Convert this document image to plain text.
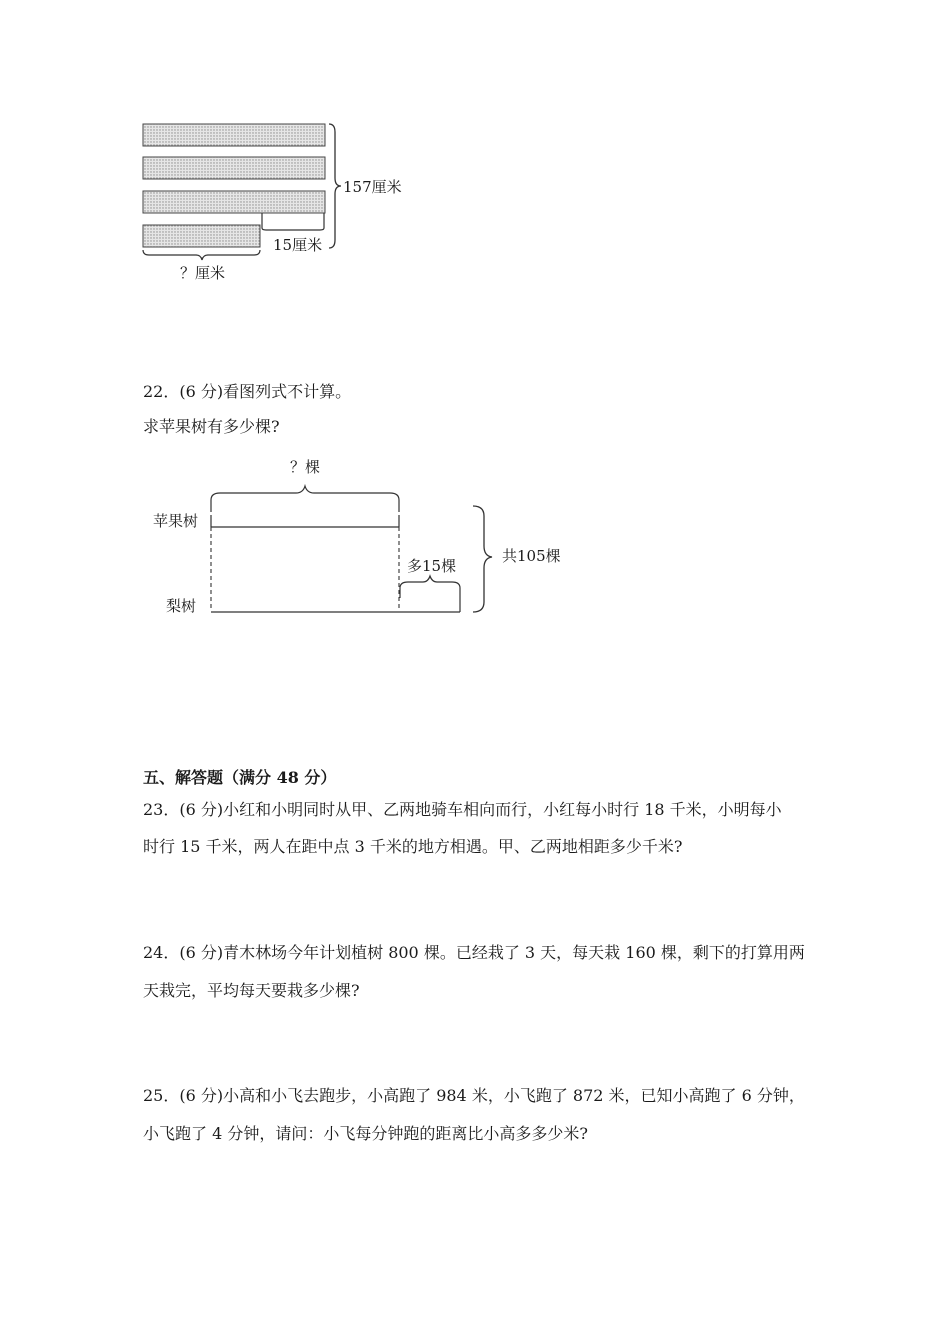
157厘米
15厘米
？厘米
22．(6 分)看图列式不计算。
求苹果树有多少棵?
？棵
苹果树
梨树
多15棵
共105棵
五、解答题（满分 48 分）
23．(6 分)小红和小明同时从甲、乙两地骑车相向而行，小红每小时行 18 千米，小明每小
时行 15 千米，两人在距中点 3 千米的地方相遇。甲、乙两地相距多少千米?
24．(6 分)青木林场今年计划植树 800 棵。已经栽了 3 天，每天栽 160 棵，剩下的打算用两
天栽完，平均每天要栽多少棵?
25．(6 分)小高和小飞去跑步，小高跑了 984 米，小飞跑了 872 米，已知小高跑了 6 分钟，
小飞跑了 4 分钟，请问：小飞每分钟跑的距离比小高多多少米?
